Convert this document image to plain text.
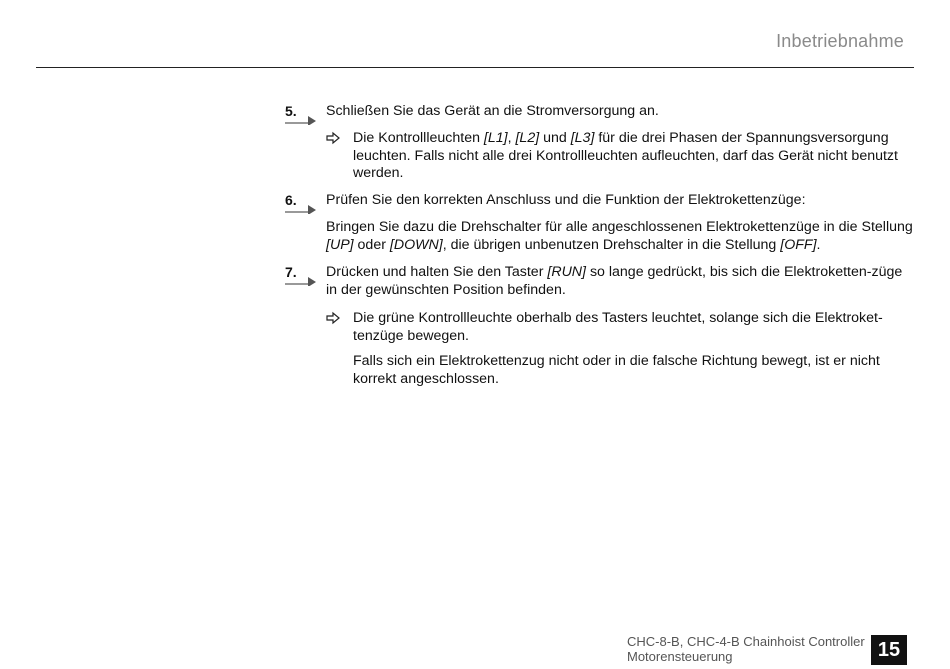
Inbetriebnahme
5.	Schließen Sie das Gerät an die Stromversorgung an.
Die Kontrollleuchten [L1], [L2] und [L3] für die drei Phasen der Spannungsversorgung leuchten. Falls nicht alle drei Kontrollleuchten aufleuchten, darf das Gerät nicht benutzt werden.
6.	Prüfen Sie den korrekten Anschluss und die Funktion der Elektrokettenzüge:
Bringen Sie dazu die Drehschalter für alle angeschlossenen Elektrokettenzüge in die Stellung [UP] oder [DOWN], die übrigen unbenutzen Drehschalter in die Stellung [OFF].
7.	Drücken und halten Sie den Taster [RUN] so lange gedrückt, bis sich die Elektroketten-züge in der gewünschten Position befinden.
Die grüne Kontrollleuchte oberhalb des Tasters leuchtet, solange sich die Elektroket-tenzüge bewegen.
Falls sich ein Elektrokettenzug nicht oder in die falsche Richtung bewegt, ist er nicht korrekt angeschlossen.
CHC-8-B, CHC-4-B Chainhoist Controller
Motorensteuerung	15
